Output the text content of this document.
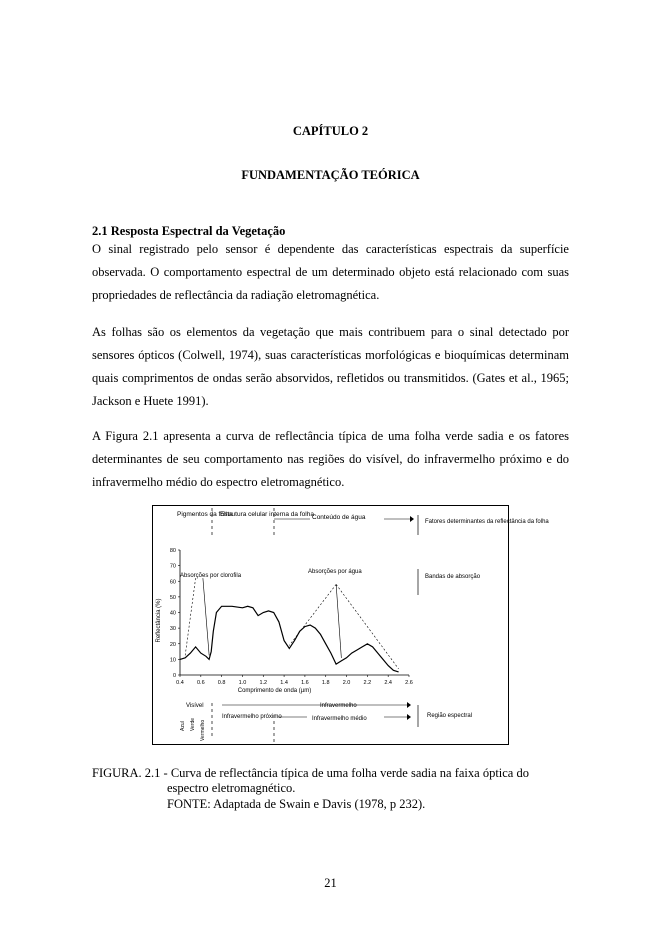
CAPÍTULO 2
FUNDAMENTAÇÃO TEÓRICA
2.1 Resposta Espectral da Vegetação

O sinal registrado pelo sensor é dependente das características espectrais da superfície observada. O comportamento espectral de um determinado objeto está relacionado com suas propriedades de reflectância da radiação eletromagnética.

As folhas são os elementos da vegetação que mais contribuem para o sinal detectado por sensores ópticos (Colwell, 1974), suas características morfológicas e bioquímicas determinam quais comprimentos de ondas serão absorvidos, refletidos ou transmitidos. (Gates et al., 1965; Jackson e Huete 1991).

A Figura 2.1 apresenta a curva de reflectância típica de uma folha verde sadia e os fatores determinantes de seu comportamento nas regiões do visível, do infravermelho próximo e do infravermelho médio do espectro eletromagnético.

Pigmentos da folha
Estrutura celular interna da folha
Conteúdo de água
Fatores determinantes da reflectância da folha
Absorções por clorofila
Absorções por água
Bandas de absorção
0
10
20
30
40
50
60
70
80
0.4 0.6 0.8 1.0 1.2 1.4 1.6 1.8 2.0 2.2 2.4 2.6
Comprimento de onda (µm)
Reflectância (%)
Visível
Azul Verde Vermelho
Infravermelho
Infravermelho próximo	Infravermelho médio	Região espectral
FIGURA. 2.1 - Curva de reflectância típica de uma folha verde sadia na faixa óptica do
espectro eletromagnético.
FONTE: Adaptada de Swain e Davis (1978, p 232).
21
